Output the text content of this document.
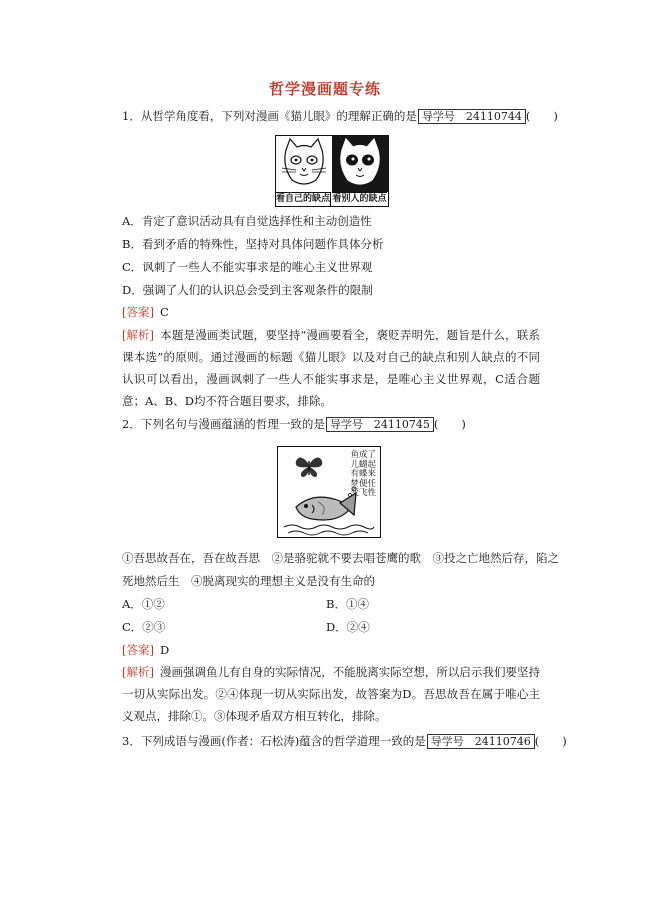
哲学漫画题专练
1．从哲学角度看，下列对漫画《猫儿眼》的理解正确的是 导学号　24110744 (　　)
看自己的缺点 看别人的缺点
A．肯定了意识活动具有自觉选择性和主动创造性
B．看到矛盾的特殊性，坚持对具体问题作具体分析
C．讽刺了一些人不能实事求是的唯心主义世界观
D．强调了人们的认识总会受到主客观条件的限制
[答案] C
[解析] 本题是漫画类试题，要坚持“漫画要看全，褒贬弄明先，题旨是什么，联系课本选”的原则。通过漫画的标题《猫儿眼》以及对自己的缺点和别人缺点的不同认识可以看出，漫画讽刺了一些人不能实事求是，是唯心主义世界观，C适合题意；A、B、D均不符合题目要求，排除。
2．下列名句与漫画蕴涵的哲理一致的是 导学号　24110745 (　　)
鱼
儿
有
梦
变
成
蝴
蝶
便
飞
了
起
来
任
性
①吾思故吾在，吾在故吾思　②是骆驼就不要去唱苍鹰的歌　③投之亡地然后存，陷之
死地然后生　④脱离现实的理想主义是没有生命的
A．①②	B．①④
C．②③	D．②④
[答案] D
[解析] 漫画强调鱼儿有自身的实际情况，不能脱离实际空想，所以启示我们要坚持一切从实际出发。②④体现一切从实际出发，故答案为D。吾思故吾在属于唯心主义观点，排除①。③体现矛盾双方相互转化，排除。
3．下列成语与漫画(作者：石松涛)蕴含的哲学道理一致的是 导学号　24110746 (　　)
